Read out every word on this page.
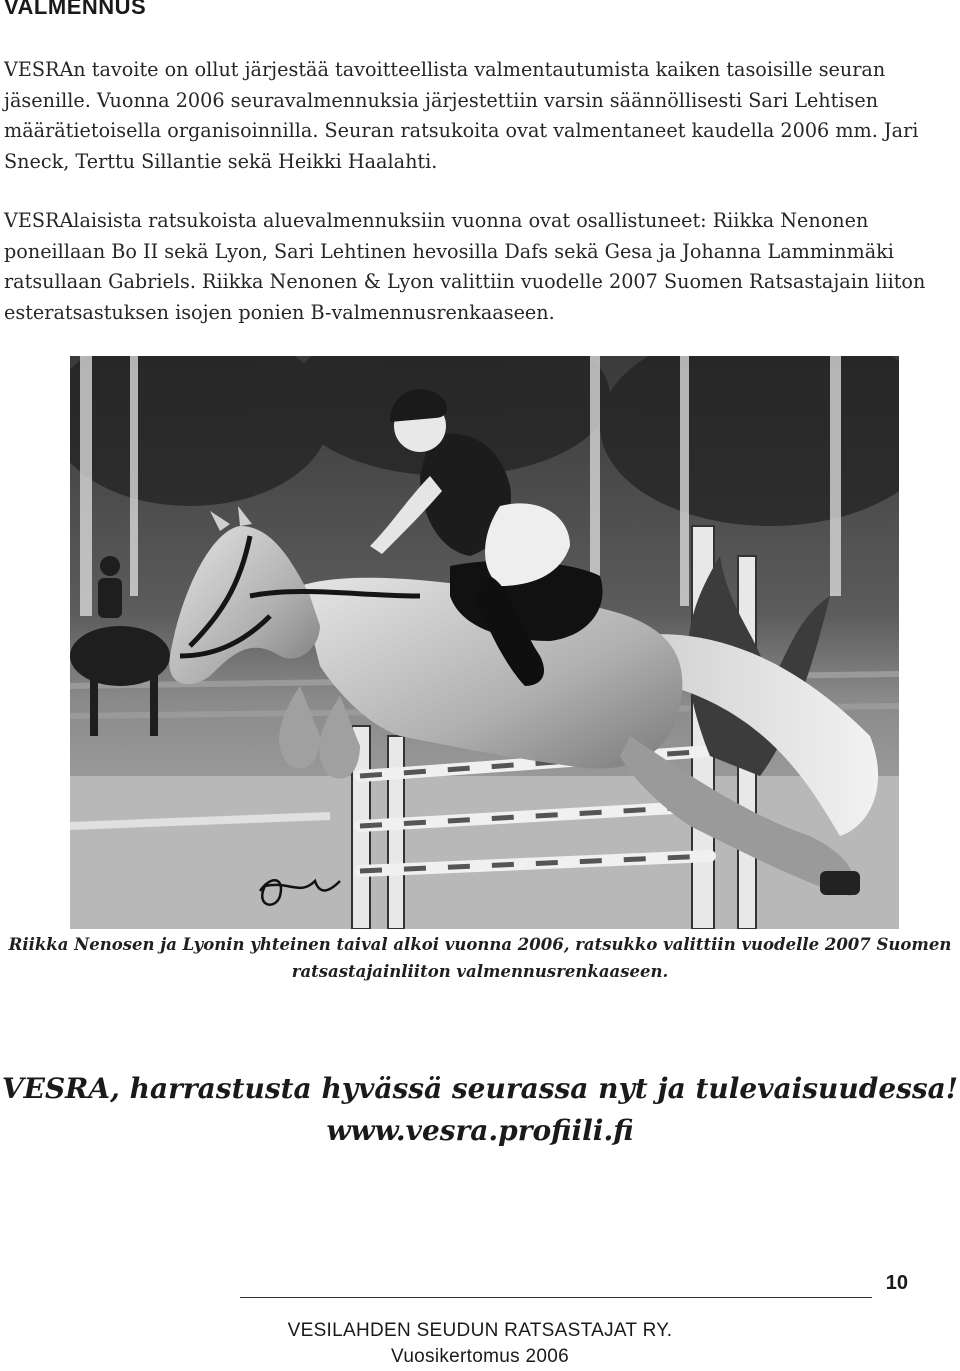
VALMENNUS

VESRAn tavoite on ollut järjestää tavoitteellista valmentautumista kaiken tasoisille seuran jäsenille. Vuonna 2006 seuravalmennuksia järjestettiin varsin säännöllisesti Sari Lehtisen määrätietoisella organisoinnilla. Seuran ratsukoita ovat valmentaneet kaudella 2006 mm. Jari Sneck, Terttu Sillantie sekä Heikki Haalahti.

VESRAlaisista ratsukoista aluevalmennuksiin vuonna ovat osallistuneet: Riikka Nenonen poneillaan Bo II sekä Lyon, Sari Lehtinen hevosilla Dafs sekä Gesa ja Johanna Lamminmäki ratsullaan Gabriels. Riikka Nenonen & Lyon valittiin vuodelle 2007 Suomen Ratsastajain liiton esteratsastuksen isojen ponien B-valmennusrenkaaseen.

Riikka Nenosen ja Lyonin yhteinen taival alkoi vuonna 2006, ratsukko valittiin vuodelle 2007 Suomen
ratsastajainliiton valmennusrenkaaseen.

VESRA, harrastusta hyvässä seurassa nyt ja tulevaisuudessa!
www.vesra.profiili.fi

10
VESILAHDEN SEUDUN RATSASTAJAT RY.
Vuosikertomus 2006
